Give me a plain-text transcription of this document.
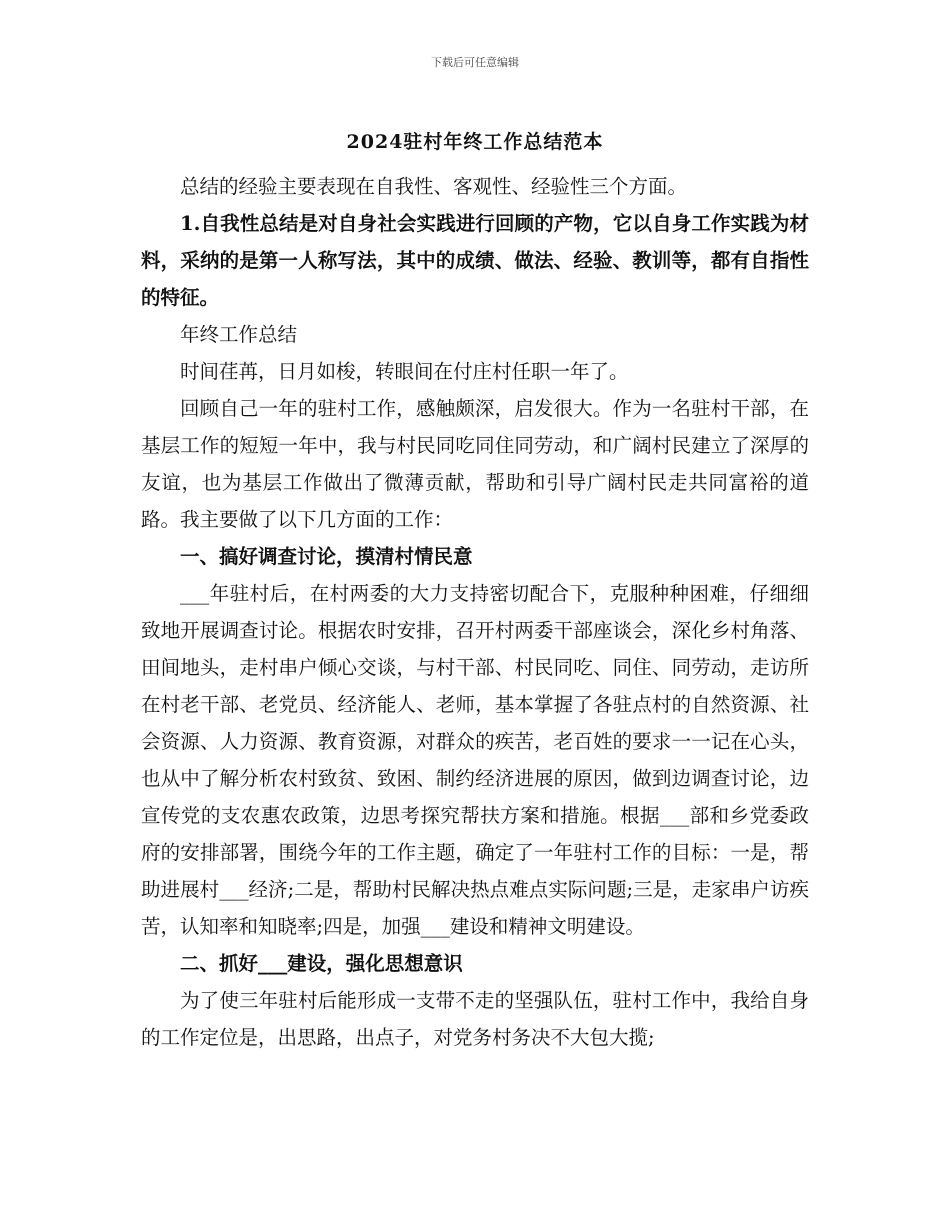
下载后可任意编辑
2024驻村年终工作总结范本

总结的经验主要表现在自我性、客观性、经验性三个方面。

1.自我性总结是对自身社会实践进行回顾的产物，它以自身工作实践为材料，采纳的是第一人称写法，其中的成绩、做法、经验、教训等，都有自指性的特征。

年终工作总结

时间荏苒，日月如梭，转眼间在付庄村任职一年了。

回顾自己一年的驻村工作，感触颇深，启发很大。作为一名驻村干部，在基层工作的短短一年中，我与村民同吃同住同劳动，和广阔村民建立了深厚的友谊，也为基层工作做出了微薄贡献，帮助和引导广阔村民走共同富裕的道路。我主要做了以下几方面的工作：

一、搞好调查讨论，摸清村情民意

___年驻村后，在村两委的大力支持密切配合下，克服种种困难，仔细细致地开展调查讨论。根据农时安排，召开村两委干部座谈会，深化乡村角落、田间地头，走村串户倾心交谈，与村干部、村民同吃、同住、同劳动，走访所在村老干部、老党员、经济能人、老师，基本掌握了各驻点村的自然资源、社会资源、人力资源、教育资源，对群众的疾苦，老百姓的要求一一记在心头，也从中了解分析农村致贫、致困、制约经济进展的原因，做到边调查讨论，边宣传党的支农惠农政策，边思考探究帮扶方案和措施。根据___部和乡党委政府的安排部署，围绕今年的工作主题，确定了一年驻村工作的目标：一是，帮助进展村___经济;二是，帮助村民解决热点难点实际问题;三是，走家串户访疾苦，认知率和知晓率;四是，加强___建设和精神文明建设。

二、抓好___建设，强化思想意识

为了使三年驻村后能形成一支带不走的坚强队伍，驻村工作中，我给自身的工作定位是，出思路，出点子，对党务村务决不大包大揽;
